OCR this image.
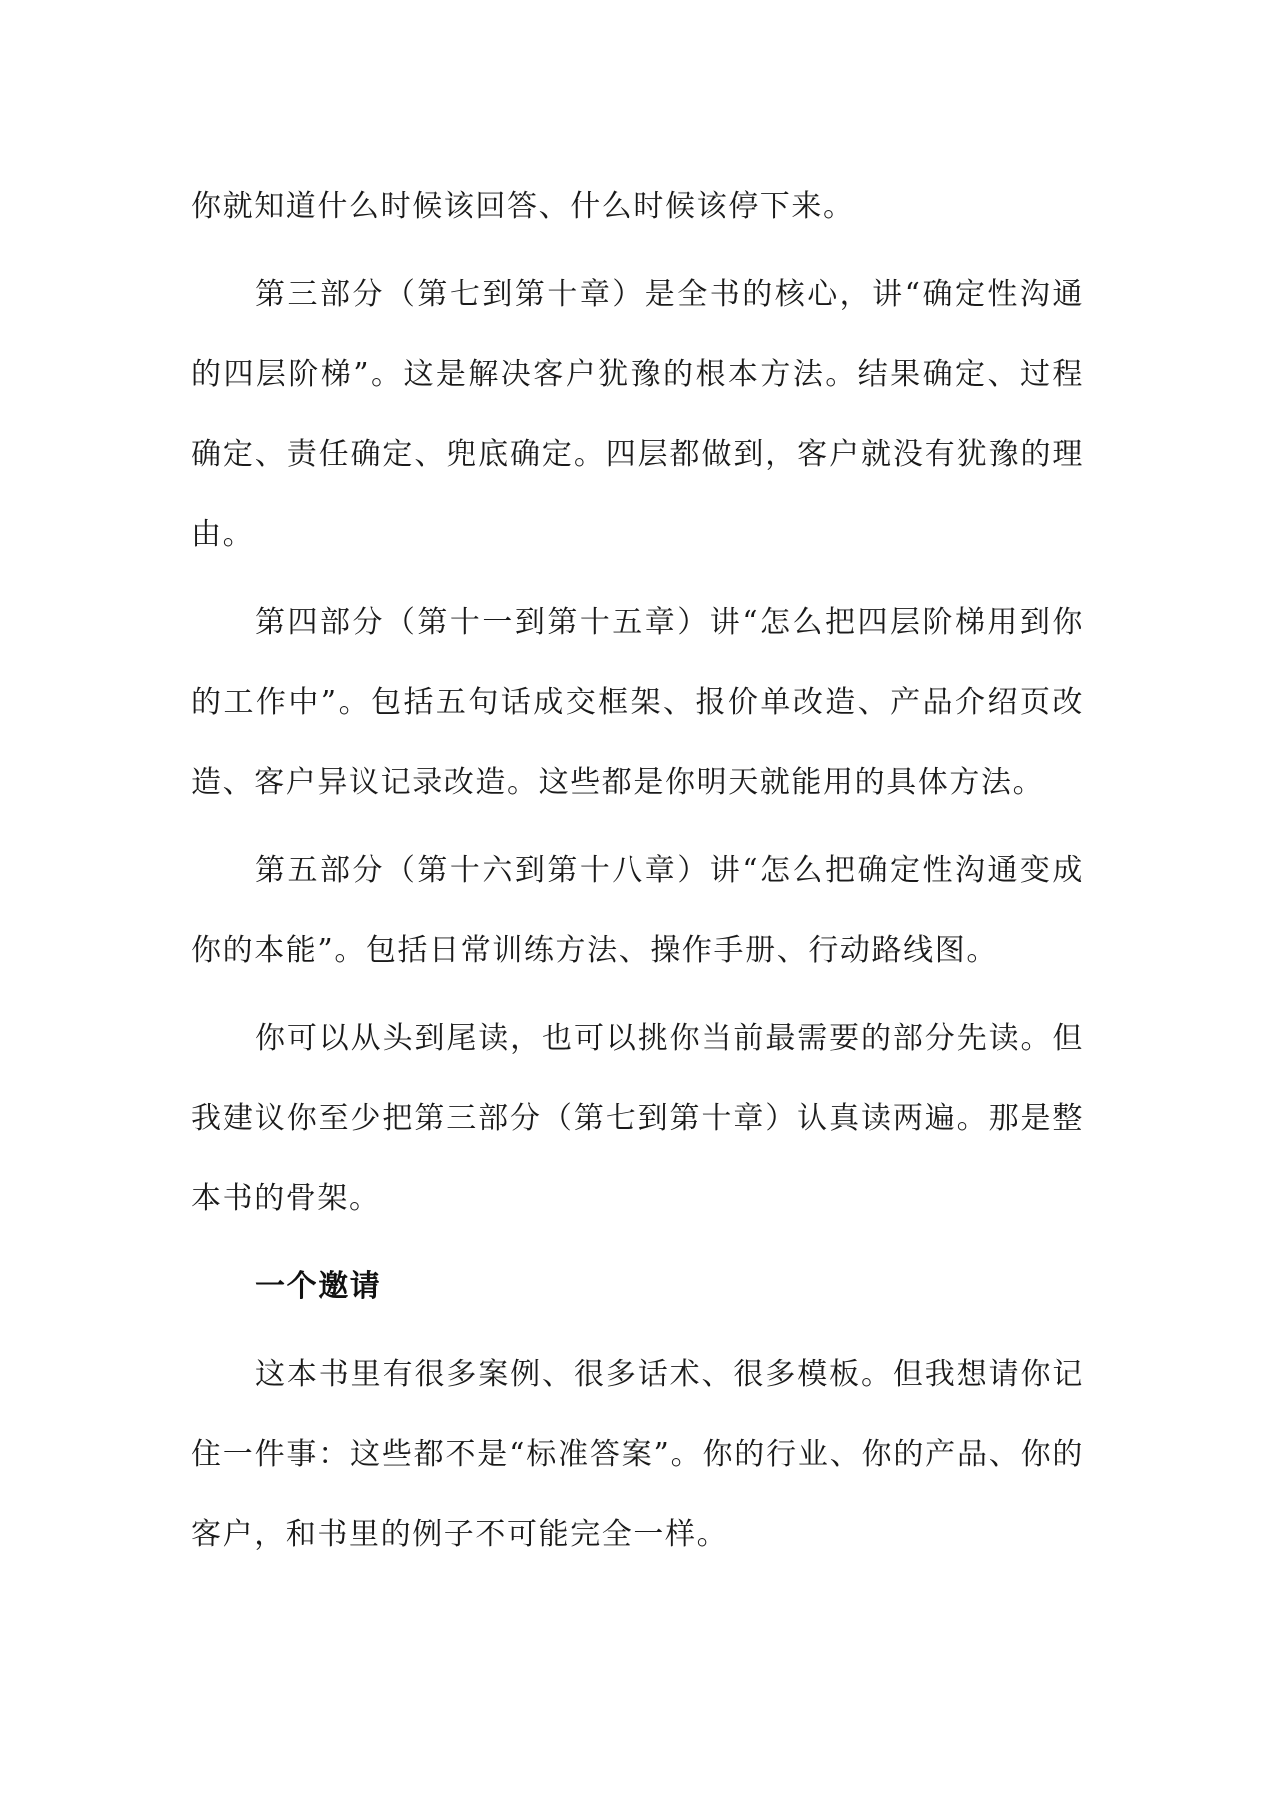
你就知道什么时候该回答、什么时候该停下来。

第三部分（第七到第十章）是全书的核心，讲“确定性沟通的四层阶梯”。这是解决客户犹豫的根本方法。结果确定、过程确定、责任确定、兜底确定。四层都做到，客户就没有犹豫的理由。

第四部分（第十一到第十五章）讲“怎么把四层阶梯用到你的工作中”。包括五句话成交框架、报价单改造、产品介绍页改造、客户异议记录改造。这些都是你明天就能用的具体方法。

第五部分（第十六到第十八章）讲“怎么把确定性沟通变成你的本能”。包括日常训练方法、操作手册、行动路线图。

你可以从头到尾读，也可以挑你当前最需要的部分先读。但我建议你至少把第三部分（第七到第十章）认真读两遍。那是整本书的骨架。

一个邀请

这本书里有很多案例、很多话术、很多模板。但我想请你记住一件事：这些都不是“标准答案”。你的行业、你的产品、你的客户，和书里的例子不可能完全一样。
